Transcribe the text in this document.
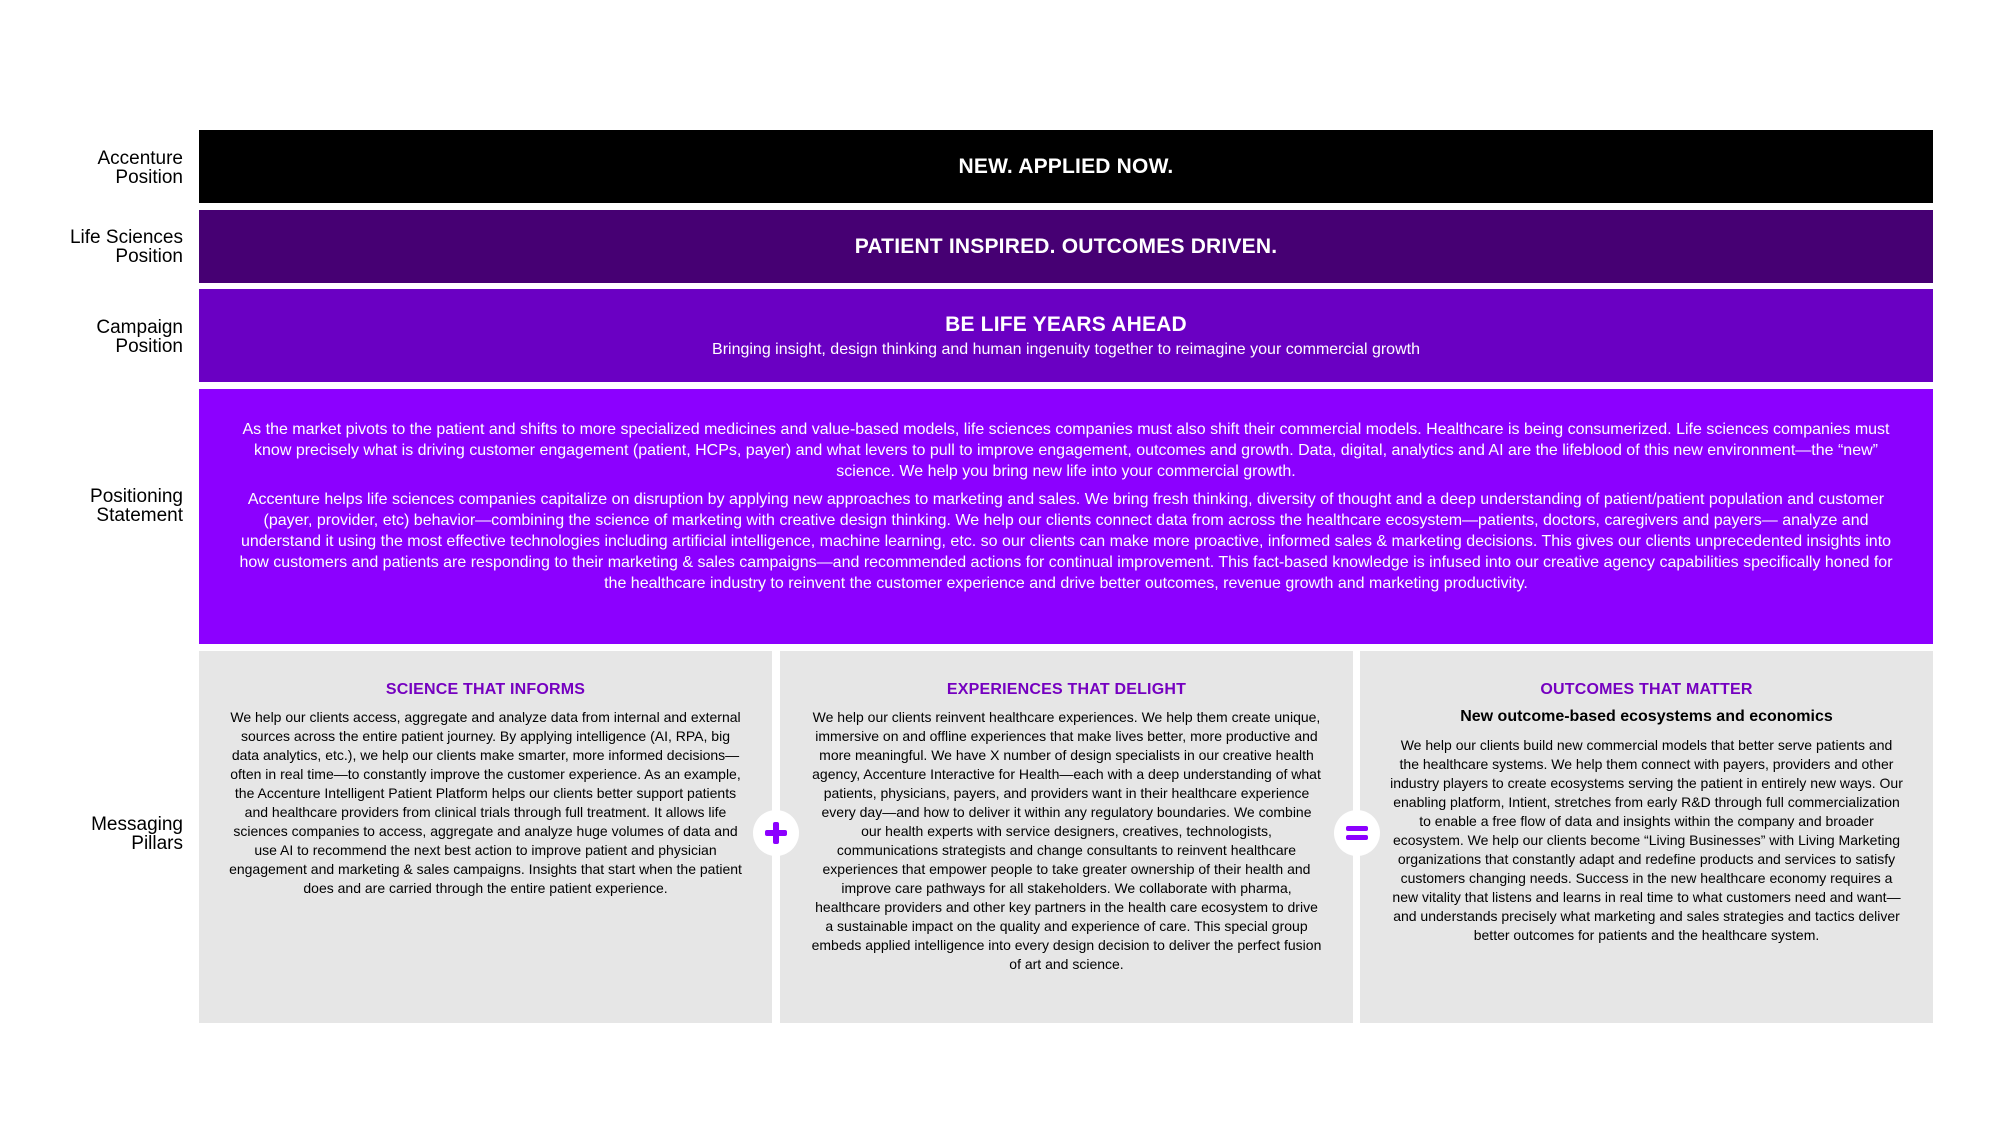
Accenture
Position
Life Sciences
Position
Campaign
Position
Positioning
Statement
Messaging
Pillars
NEW. APPLIED NOW.
PATIENT INSPIRED. OUTCOMES DRIVEN.
BE LIFE YEARS AHEAD
Bringing insight, design thinking and human ingenuity together to reimagine your commercial growth

As the market pivots to the patient and shifts to more specialized medicines and value-based models, life sciences companies must also shift their commercial models. Healthcare is being consumerized. Life sciences companies must know precisely what is driving customer engagement (patient, HCPs, payer) and what levers to pull to improve engagement, outcomes and growth. Data, digital, analytics and AI are the lifeblood of this new environment—the “new” science. We help you bring new life into your commercial growth.

Accenture helps life sciences companies capitalize on disruption by applying new approaches to marketing and sales. We bring fresh thinking, diversity of thought and a deep understanding of patient/patient population and customer (payer, provider, etc) behavior—combining the science of marketing with creative design thinking. We help our clients connect data from across the healthcare ecosystem—patients, doctors, caregivers and payers— analyze and understand it using the most effective technologies including artificial intelligence, machine learning, etc. so our clients can make more proactive, informed sales & marketing decisions. This gives our clients unprecedented insights into how customers and patients are responding to their marketing & sales campaigns—and recommended actions for continual improvement. This fact-based knowledge is infused into our creative agency capabilities specifically honed for the healthcare industry to reinvent the customer experience and drive better outcomes, revenue growth and marketing productivity.

SCIENCE THAT INFORMS
We help our clients access, aggregate and analyze data from internal and external sources across the entire patient journey. By applying intelligence (AI, RPA, big data analytics, etc.), we help our clients make smarter, more informed decisions—often in real time—to constantly improve the customer experience. As an example, the Accenture Intelligent Patient Platform helps our clients better support patients and healthcare providers from clinical trials through full treatment. It allows life sciences companies to access, aggregate and analyze huge volumes of data and use AI to recommend the next best action to improve patient and physician engagement and marketing & sales campaigns. Insights that start when the patient does and are carried through the entire patient experience.
EXPERIENCES THAT DELIGHT
We help our clients reinvent healthcare experiences. We help them create unique, immersive on and offline experiences that make lives better, more productive and more meaningful. We have X number of design specialists in our creative health agency, Accenture Interactive for Health—each with a deep understanding of what patients, physicians, payers, and providers want in their healthcare experience every day—and how to deliver it within any regulatory boundaries. We combine our health experts with service designers, creatives, technologists, communications strategists and change consultants to reinvent healthcare experiences that empower people to take greater ownership of their health and improve care pathways for all stakeholders. We collaborate with pharma, healthcare providers and other key partners in the health care ecosystem to drive a sustainable impact on the quality and experience of care. This special group embeds applied intelligence into every design decision to deliver the perfect fusion of art and science.
OUTCOMES THAT MATTER
New outcome-based ecosystems and economics
We help our clients build new commercial models that better serve patients and the healthcare systems. We help them connect with payers, providers and other industry players to create ecosystems serving the patient in entirely new ways. Our enabling platform, Intient, stretches from early R&D through full commercialization to enable a free flow of data and insights within the company and broader ecosystem. We help our clients become “Living Businesses” with Living Marketing organizations that constantly adapt and redefine products and services to satisfy customers changing needs. Success in the new healthcare economy requires a new vitality that listens and learns in real time to what customers need and want—and understands precisely what marketing and sales strategies and tactics deliver better outcomes for patients and the healthcare system.
